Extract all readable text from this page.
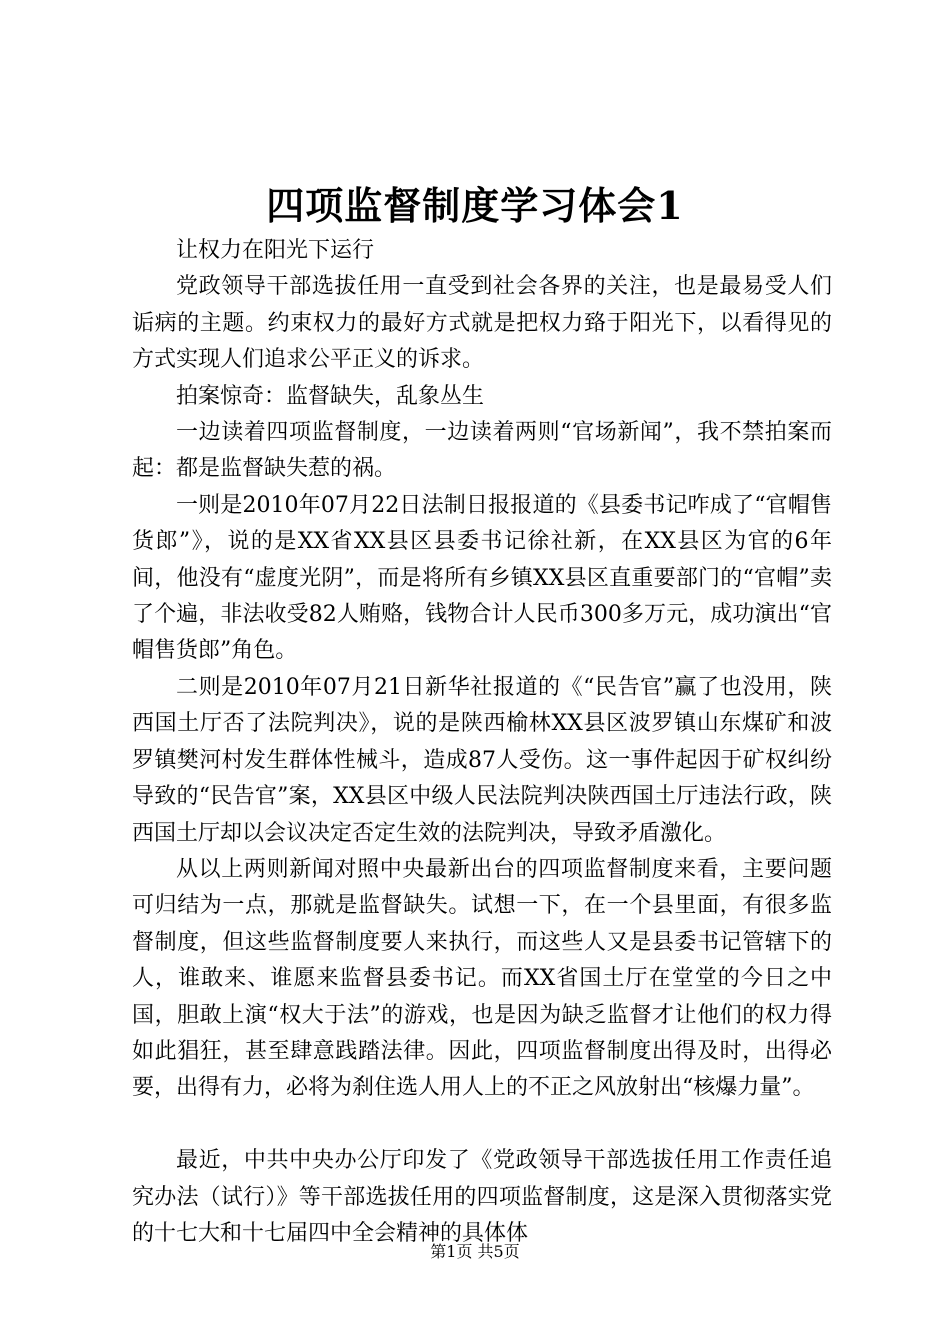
四项监督制度学习体会1

让权力在阳光下运行

党政领导干部选拔任用一直受到社会各界的关注，也是最易受人们诟病的主题。约束权力的最好方式就是把权力臵于阳光下，以看得见的方式实现人们追求公平正义的诉求。

拍案惊奇：监督缺失，乱象丛生

一边读着四项监督制度，一边读着两则“官场新闻”，我不禁拍案而起：都是监督缺失惹的祸。

一则是2010年07月22日法制日报报道的《县委书记咋成了“官帽售货郎”》，说的是XX省XX县区县委书记徐社新，在XX县区为官的6年间，他没有“虚度光阴”，而是将所有乡镇XX县区直重要部门的“官帽”卖了个遍，非法收受82人贿赂，钱物合计人民币300多万元，成功演出“官帽售货郎”角色。

二则是2010年07月21日新华社报道的《“民告官”赢了也没用，陕西国土厅否了法院判决》，说的是陕西榆林XX县区波罗镇山东煤矿和波罗镇樊河村发生群体性械斗，造成87人受伤。这一事件起因于矿权纠纷导致的“民告官”案，XX县区中级人民法院判决陕西国土厅违法行政，陕西国土厅却以会议决定否定生效的法院判决，导致矛盾激化。

从以上两则新闻对照中央最新出台的四项监督制度来看，主要问题可归结为一点，那就是监督缺失。试想一下，在一个县里面，有很多监督制度，但这些监督制度要人来执行，而这些人又是县委书记管辖下的人，谁敢来、谁愿来监督县委书记。而XX省国土厅在堂堂的今日之中国，胆敢上演“权大于法”的游戏，也是因为缺乏监督才让他们的权力得如此猖狂，甚至肆意践踏法律。因此，四项监督制度出得及时，出得必要，出得有力，必将为刹住选人用人上的不正之风放射出“核爆力量”。

最近，中共中央办公厅印发了《党政领导干部选拔任用工作责任追究办法（试行）》等干部选拔任用的四项监督制度，这是深入贯彻落实党的十七大和十七届四中全会精神的具体体

第1页 共5页
